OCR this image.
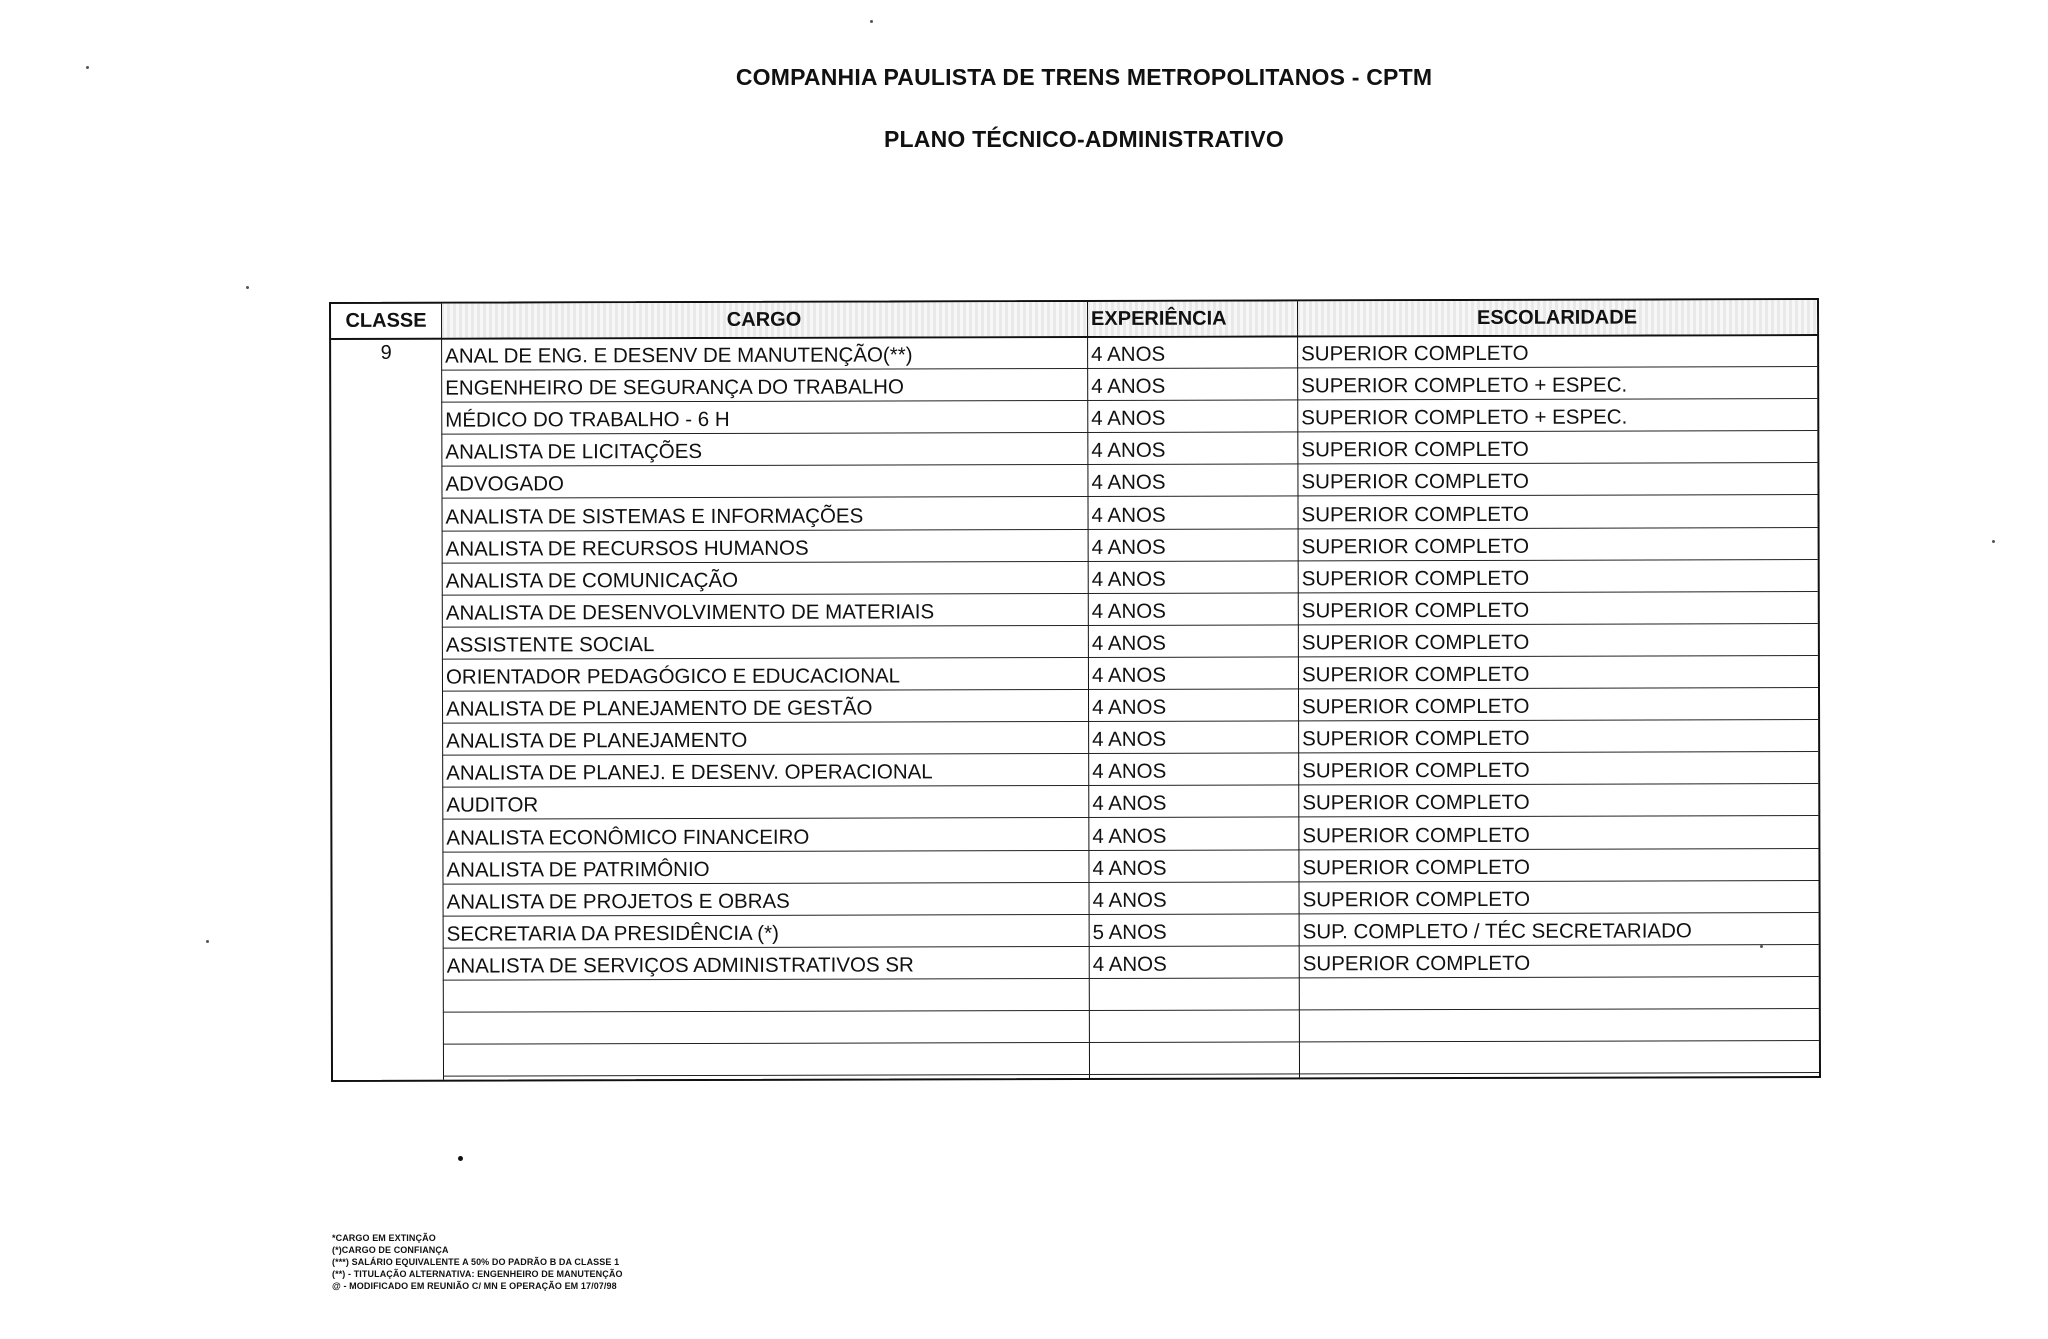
COMPANHIA PAULISTA DE TRENS METROPOLITANOS - CPTM
PLANO TÉCNICO-ADMINISTRATIVO
CLASSE	CARGO	EXPERIÊNCIA	ESCOLARIDADE
9	ANAL DE ENG. E DESENV DE MANUTENÇÃO(**)	4 ANOS	SUPERIOR COMPLETO
ENGENHEIRO DE SEGURANÇA DO TRABALHO	4 ANOS	SUPERIOR COMPLETO + ESPEC.
MÉDICO DO TRABALHO - 6 H	4 ANOS	SUPERIOR COMPLETO + ESPEC.
ANALISTA DE LICITAÇÕES	4 ANOS	SUPERIOR COMPLETO
ADVOGADO	4 ANOS	SUPERIOR COMPLETO
ANALISTA DE SISTEMAS E INFORMAÇÕES	4 ANOS	SUPERIOR COMPLETO
ANALISTA DE RECURSOS HUMANOS	4 ANOS	SUPERIOR COMPLETO
ANALISTA DE COMUNICAÇÃO	4 ANOS	SUPERIOR COMPLETO
ANALISTA DE DESENVOLVIMENTO DE MATERIAIS	4 ANOS	SUPERIOR COMPLETO
ASSISTENTE SOCIAL	4 ANOS	SUPERIOR COMPLETO
ORIENTADOR PEDAGÓGICO E EDUCACIONAL	4 ANOS	SUPERIOR COMPLETO
ANALISTA DE PLANEJAMENTO DE GESTÃO	4 ANOS	SUPERIOR COMPLETO
ANALISTA DE PLANEJAMENTO	4 ANOS	SUPERIOR COMPLETO
ANALISTA DE PLANEJ. E DESENV. OPERACIONAL	4 ANOS	SUPERIOR COMPLETO
AUDITOR	4 ANOS	SUPERIOR COMPLETO
ANALISTA ECONÔMICO FINANCEIRO	4 ANOS	SUPERIOR COMPLETO
ANALISTA DE PATRIMÔNIO	4 ANOS	SUPERIOR COMPLETO
ANALISTA DE PROJETOS E OBRAS	4 ANOS	SUPERIOR COMPLETO
SECRETARIA DA PRESIDÊNCIA (*)	5 ANOS	SUP. COMPLETO / TÉC SECRETARIADO
ANALISTA DE SERVIÇOS ADMINISTRATIVOS SR	4 ANOS	SUPERIOR COMPLETO
*CARGO EM EXTINÇÃO
(*)CARGO DE CONFIANÇA
(***) SALÁRIO EQUIVALENTE A 50% DO PADRÃO B DA CLASSE 1
(**) - TITULAÇÃO ALTERNATIVA: ENGENHEIRO DE MANUTENÇÃO
@ - MODIFICADO EM REUNIÃO C/ MN E OPERAÇÃO EM 17/07/98
